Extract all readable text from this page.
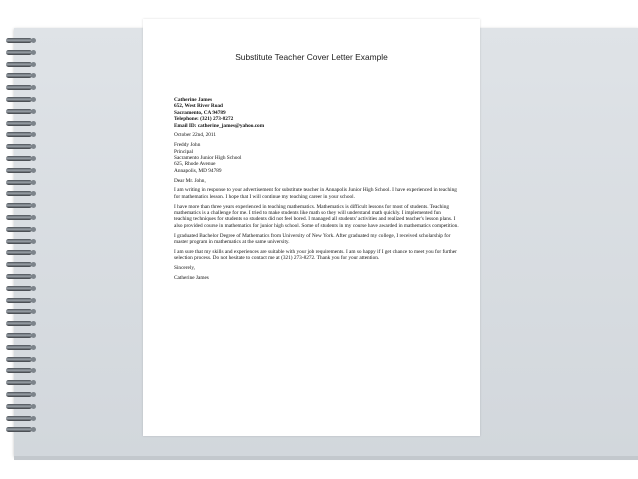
Substitute Teacher Cover Letter Example
Catherine James
652, West River Road
Sacramento, CA 94789
Telephone: (321) 273-8272
Email ID: catherine_james@yahoo.com

October 22nd, 2011

Freddy John
Principal
Sacramento Junior High School
625, Rhode Avenue
Annapolis, MD 94789

Dear Mr. John,

I am writing in response to your advertisement for substitute teacher in Annapolis Junior High School. I have experienced in teaching for mathematics lesson. I hope that I will continue my teaching career in your school.

I have more than three years experienced in teaching mathematics. Mathematics is difficult lessons for most of students. Teaching mathematics is a challenge for me. I tried to make students like math so they will understand math quickly. I implemented fun teaching techniques for students so students did not feel bored. I managed all students' activities and realized teacher's lesson plans. I also provided course in mathematics for junior high school. Some of students in my course have awarded in mathematics competition.

I graduated Bachelor Degree of Mathematics from University of New York. After graduated my college, I received scholarship for master program in mathematics at the same university.

I am sure that my skills and experiences are suitable with your job requirements. I am so happy if I get chance to meet you for further selection process. Do not hesitate to contact me at (321) 273-8272. Thank you for your attention.

Sincerely,

Catherine James
